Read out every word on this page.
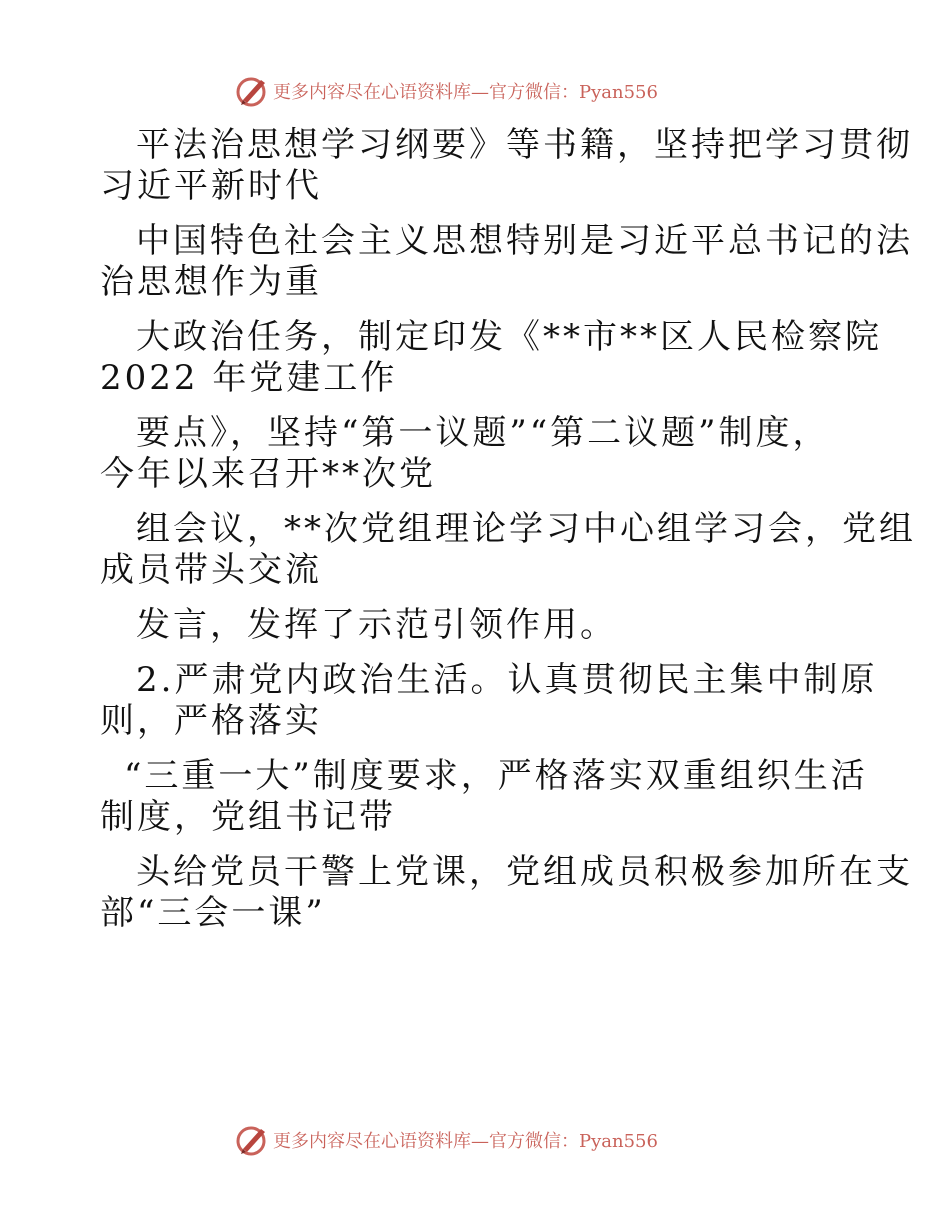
更多内容尽在心语资料库—官方微信：Pyan556
平法治思想学习纲要》等书籍，坚持把学习贯彻
习近平新时代
中国特色社会主义思想特别是习近平总书记的法
治思想作为重
大政治任务，制定印发《**市**区人民检察院
2022 年党建工作
要点》，坚持“第一议题”“第二议题”制度，
今年以来召开**次党
组会议，**次党组理论学习中心组学习会，党组
成员带头交流
发言，发挥了示范引领作用。
2.严肃党内政治生活。认真贯彻民主集中制原
则，严格落实
“三重一大”制度要求，严格落实双重组织生活
制度，党组书记带
头给党员干警上党课，党组成员积极参加所在支
部“三会一课”
更多内容尽在心语资料库—官方微信：Pyan556
